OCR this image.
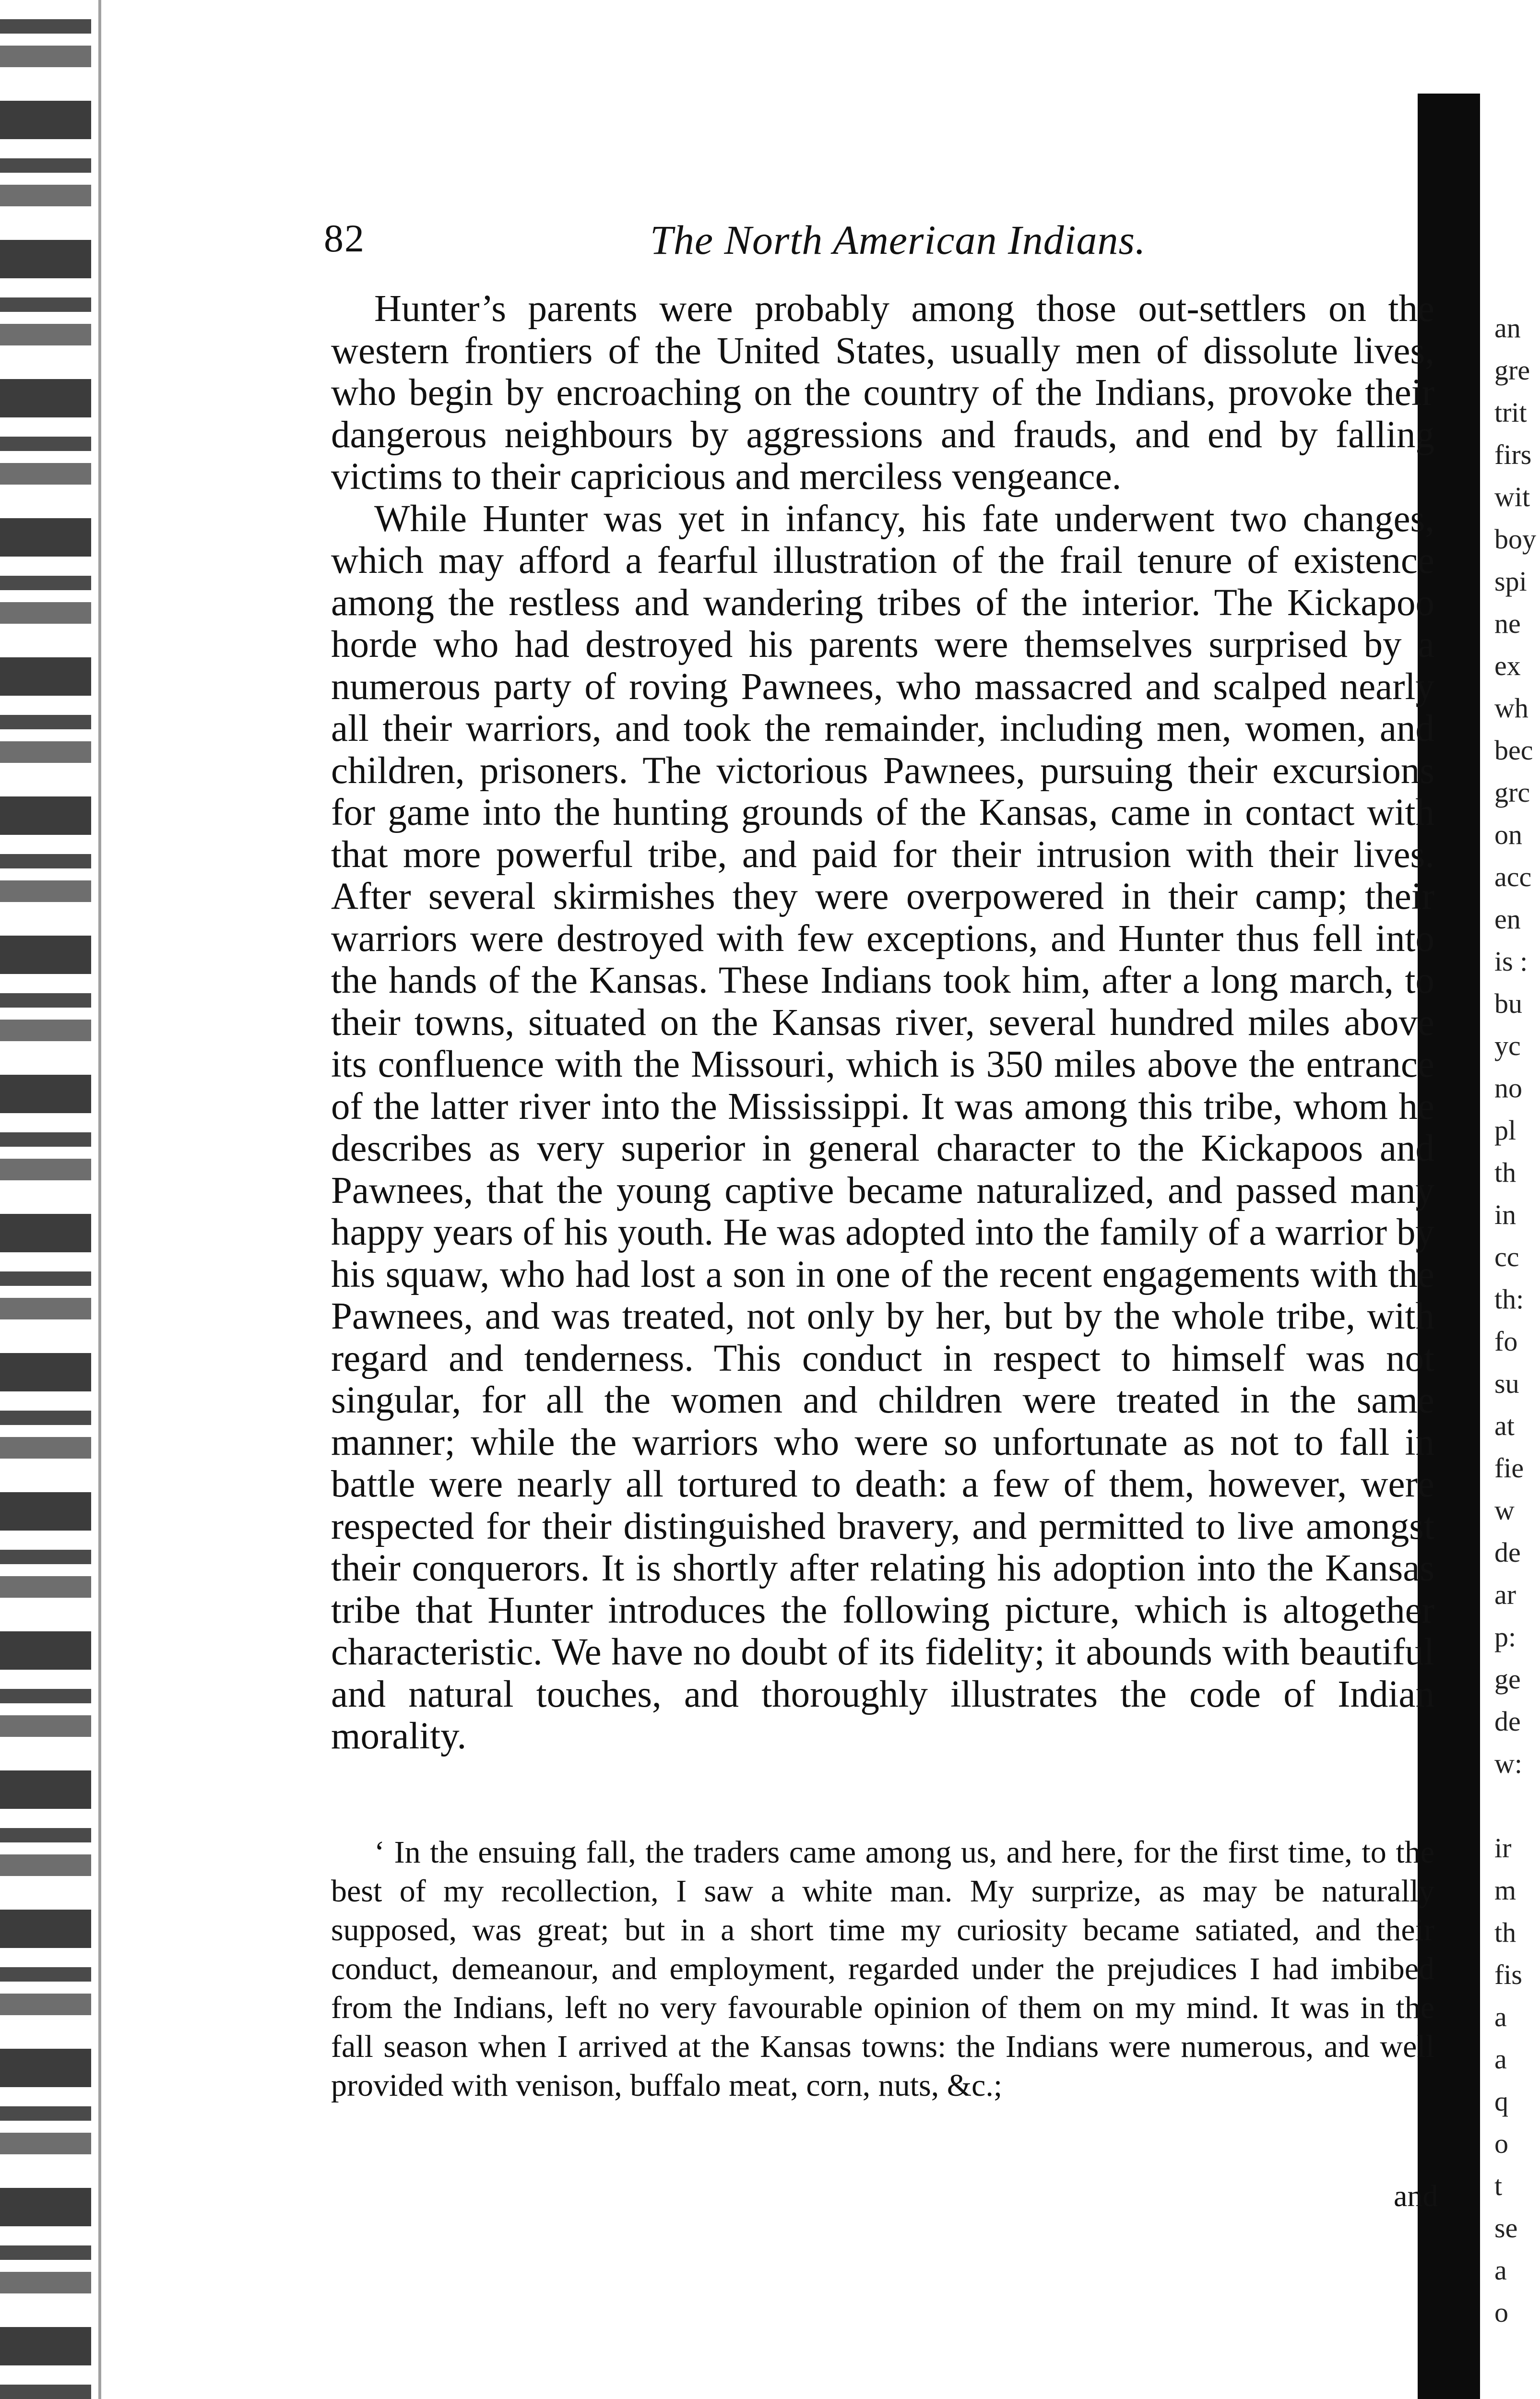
an
gre
trit
firs
wit
boy
spi
ne
ex
wh
bec
grc
on
acc
en
is :
bu
yc
no
pl
th
in
cc
th:
fo
su
at
fie
w
de
ar
p:
ge
de
w:

ir
m
th
fis
a
a
q
o
t
se
a
o
82	The North American Indians.

Hunter’s parents were probably among those out-settlers on the western frontiers of the United States, usually men of dissolute lives, who begin by encroaching on the country of the Indians, provoke their dangerous neighbours by aggressions and frauds, and end by falling victims to their capricious and merciless vengeance.

While Hunter was yet in infancy, his fate underwent two changes, which may afford a fearful illustration of the frail tenure of existence among the restless and wandering tribes of the interior. The Kickapoo horde who had destroyed his parents were themselves surprised by a numerous party of roving Pawnees, who massacred and scalped nearly all their warriors, and took the remainder, including men, women, and children, prisoners. The victorious Pawnees, pursuing their excursions for game into the hunting grounds of the Kansas, came in contact with that more powerful tribe, and paid for their intrusion with their lives. After several skirmishes they were overpowered in their camp; their warriors were destroyed with few exceptions, and Hunter thus fell into the hands of the Kansas. These Indians took him, after a long march, to their towns, situated on the Kansas river, several hundred miles above its confluence with the Missouri, which is 350 miles above the entrance of the latter river into the Mississippi. It was among this tribe, whom he describes as very superior in general character to the Kickapoos and Pawnees, that the young captive became naturalized, and passed many happy years of his youth. He was adopted into the family of a warrior by his squaw, who had lost a son in one of the recent engagements with the Pawnees, and was treated, not only by her, but by the whole tribe, with regard and tenderness. This conduct in respect to himself was not singular, for all the women and children were treated in the same manner; while the warriors who were so unfortunate as not to fall in battle were nearly all tortured to death: a few of them, however, were respected for their distinguished bravery, and permitted to live amongst their conquerors. It is shortly after relating his adoption into the Kansas tribe that Hunter introduces the following picture, which is altogether characteristic. We have no doubt of its fidelity; it abounds with beautiful and natural touches, and thoroughly illustrates the code of Indian morality.

‘ In the ensuing fall, the traders came among us, and here, for the first time, to the best of my recollection, I saw a white man. My surprize, as may be naturally supposed, was great; but in a short time my curiosity became satiated, and their conduct, demeanour, and employment, regarded under the prejudices I had imbibed from the Indians, left no very favourable opinion of them on my mind. It was in the fall season when I arrived at the Kansas towns: the Indians were numerous, and well provided with venison, buffalo meat, corn, nuts, &c.;

and
